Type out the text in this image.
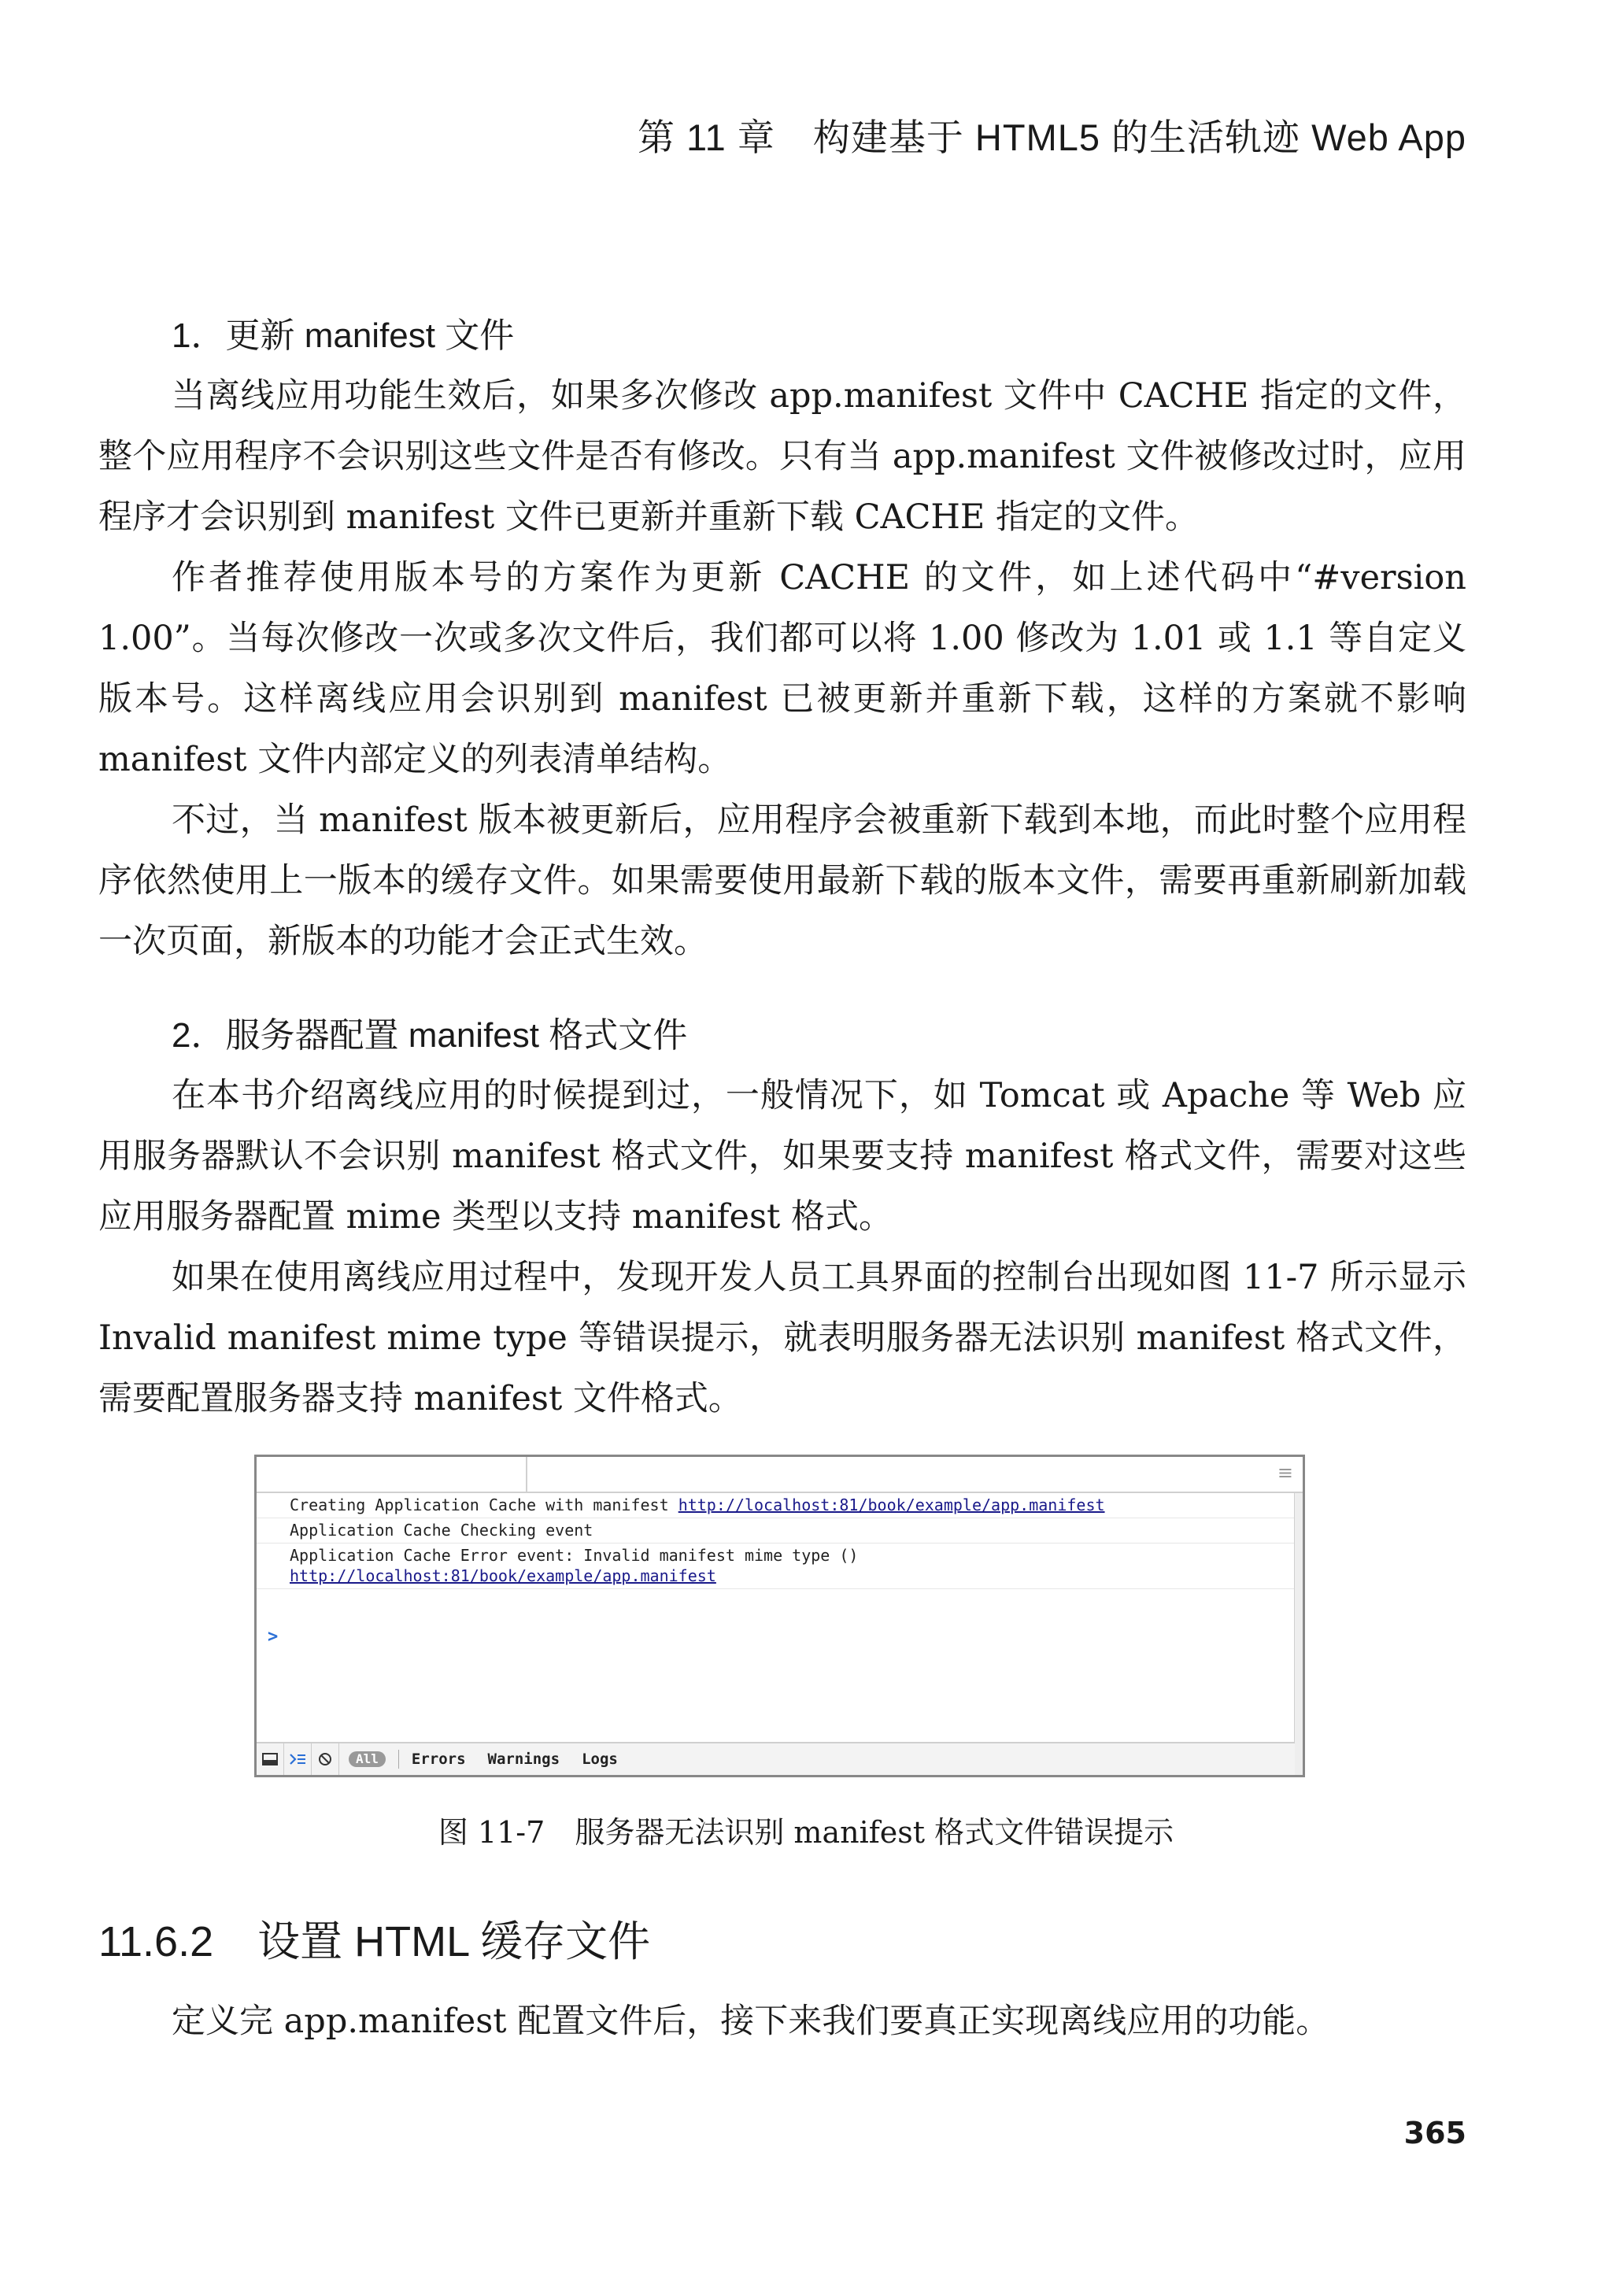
第 11 章　构建基于 HTML5 的生活轨迹 Web App
1．更新 manifest 文件

当离线应用功能生效后，如果多次修改 app.manifest 文件中 CACHE 指定的文件，整个应用程序不会识别这些文件是否有修改。只有当 app.manifest 文件被修改过时，应用程序才会识别到 manifest 文件已更新并重新下载 CACHE 指定的文件。

作者推荐使用版本号的方案作为更新 CACHE 的文件，如上述代码中“#version 1.00”。当每次修改一次或多次文件后，我们都可以将 1.00 修改为 1.01 或 1.1 等自定义版本号。这样离线应用会识别到 manifest 已被更新并重新下载，这样的方案就不影响 manifest 文件内部定义的列表清单结构。

不过，当 manifest 版本被更新后，应用程序会被重新下载到本地，而此时整个应用程序依然使用上一版本的缓存文件。如果需要使用最新下载的版本文件，需要再重新刷新加载一次页面，新版本的功能才会正式生效。

2．服务器配置 manifest 格式文件

在本书介绍离线应用的时候提到过，一般情况下，如 Tomcat 或 Apache 等 Web 应用服务器默认不会识别 manifest 格式文件，如果要支持 manifest 格式文件，需要对这些应用服务器配置 mime 类型以支持 manifest 格式。

如果在使用离线应用过程中，发现开发人员工具界面的控制台出现如图 11-7 所示显示 Invalid manifest mime type 等错误提示，就表明服务器无法识别 manifest 格式文件，需要配置服务器支持 manifest 文件格式。

≡
Creating Application Cache with manifest http://localhost:81/book/example/app.manifest
Application Cache Checking event
Application Cache Error event: Invalid manifest mime type ()
http://localhost:81/book/example/app.manifest
>
All	Errors Warnings Logs
图 11-7　服务器无法识别 manifest 格式文件错误提示
11.6.2 设置 HTML 缓存文件

定义完 app.manifest 配置文件后，接下来我们要真正实现离线应用的功能。

365
